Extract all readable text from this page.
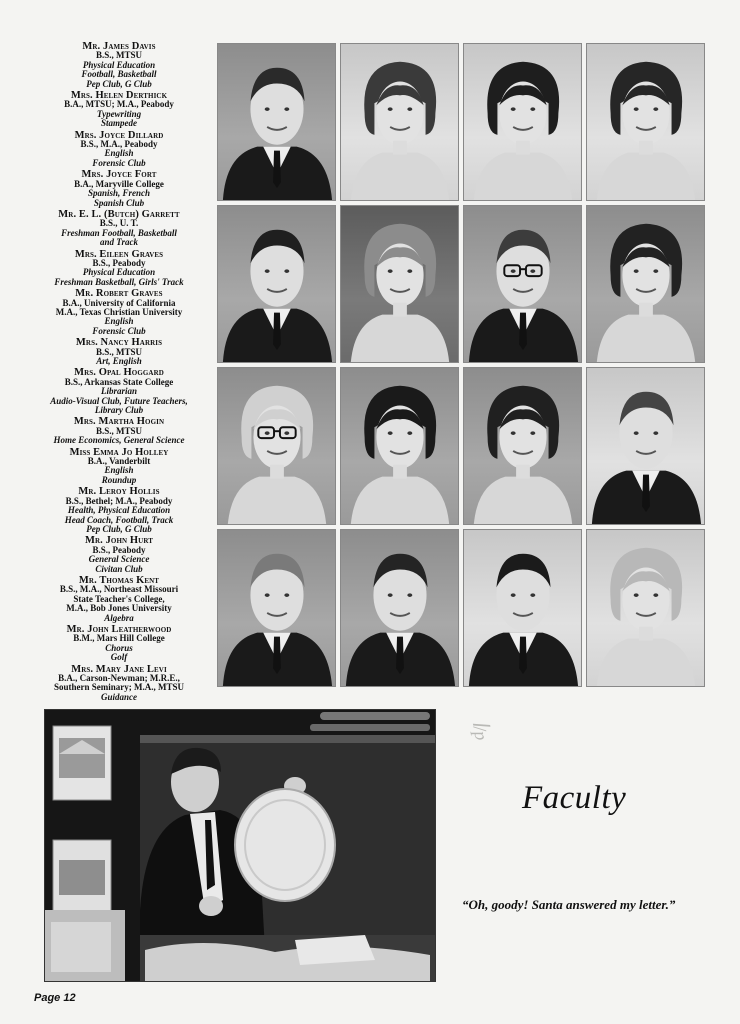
Mr. James Davis
B.S., MTSU
Physical Education
Football, Basketball
Pep Club, G Club
Mrs. Helen Derthick
B.A., MTSU; M.A., Peabody
Typewriting
Stampede
Mrs. Joyce Dillard
B.S., M.A., Peabody
English
Forensic Club
Mrs. Joyce Fort
B.A., Maryville College
Spanish, French
Spanish Club
Mr. E. L. (Butch) Garrett
B.S., U. T.
Freshman Football, Basketball
and Track
Mrs. Eileen Graves
B.S., Peabody
Physical Education
Freshman Basketball, Girls' Track
Mr. Robert Graves
B.A., University of California
M.A., Texas Christian University
English
Forensic Club
Mrs. Nancy Harris
B.S., MTSU
Art, English
Mrs. Opal Hoggard
B.S., Arkansas State College
Librarian
Audio-Visual Club, Future Teachers,
Library Club
Mrs. Martha Hogin
B.S., MTSU
Home Economics, General Science
Miss Emma Jo Holley
B.A., Vanderbilt
English
Roundup
Mr. Leroy Hollis
B.S., Bethel; M.A., Peabody
Health, Physical Education
Head Coach, Football, Track
Pep Club, G Club
Mr. John Hurt
B.S., Peabody
General Science
Civitan Club
Mr. Thomas Kent
B.S., M.A., Northeast Missouri
State Teacher's College,
M.A., Bob Jones University
Algebra
Mr. John Leatherwood
B.M., Mars Hill College
Chorus
Golf
Mrs. Mary Jane Levi
B.A., Carson-Newman; M.R.E.,
Southern Seminary; M.A., MTSU
Guidance
ꟾ/р
Faculty
“Oh, goody! Santa answered my letter.”
Page 12
